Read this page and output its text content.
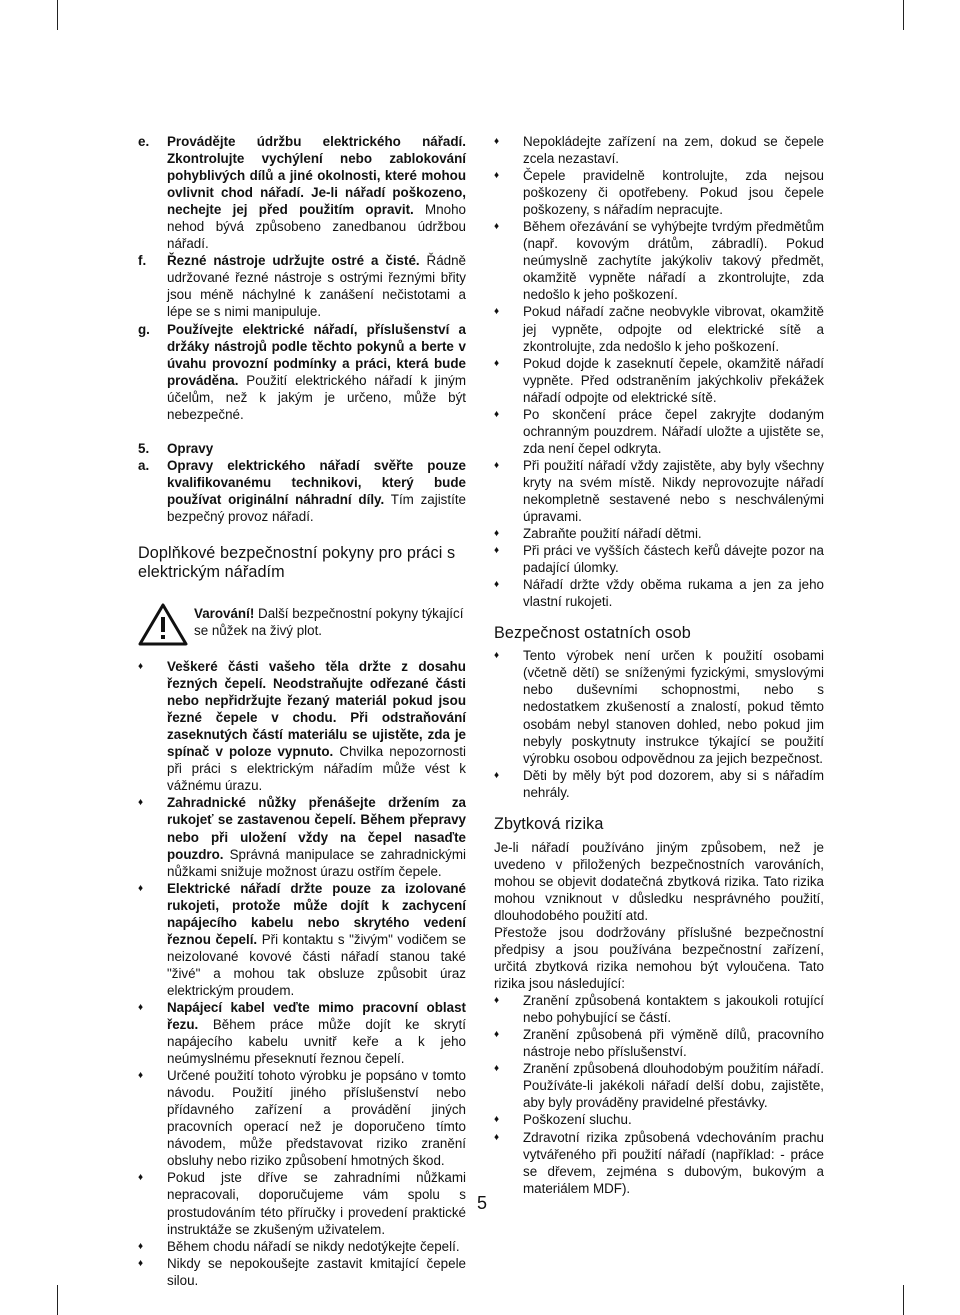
e. Provádějte údržbu elektrického nářadí. Zkontrolujte vychýlení nebo zablokování pohyblivých dílů a jiné okolnosti, které mohou ovlivnit chod nářadí. Je-li nářadí poškozeno, nechejte jej před použitím opravit. Mnoho nehod bývá způsobeno zanedbanou údržbou nářadí.
f. Řezné nástroje udržujte ostré a čisté. Řádně udržované řezné nástroje s ostrými řeznými břity jsou méně náchylné k zanášení nečistotami a lépe se s nimi manipuluje.
g. Používejte elektrické nářadí, příslušenství a držáky nástrojů podle těchto pokynů a berte v úvahu provozní podmínky a práci, která bude prováděna. Použití elektrického nářadí k jiným účelům, než k jakým je určeno, může být nebezpečné.
5. Opravy
a. Opravy elektrického nářadí svěřte pouze kvalifikovanému technikovi, který bude používat originální náhradní díly. Tím zajistíte bezpečný provoz nářadí.
Doplňkové bezpečnostní pokyny pro práci s elektrickým nářadím
Varování! Další bezpečnostní pokyny týkající se nůžek na živý plot.
♦ Veškeré části vašeho těla držte z dosahu řezných čepelí. Neodstraňujte odřezané části nebo nepřidržujte řezaný materiál pokud jsou řezné čepele v chodu. Při odstraňování zaseknutých částí materiálu se ujistěte, zda je spínač v poloze vypnuto. Chvilka nepozornosti při práci s elektrickým nářadím může vést k vážnému úrazu.
♦ Zahradnické nůžky přenášejte držením za rukojeť se zastavenou čepelí. Během přepravy nebo při uložení vždy na čepel nasaďte pouzdro. Správná manipulace se zahradnickými nůžkami snižuje možnost úrazu ostřím čepele.
♦ Elektrické nářadí držte pouze za izolované rukojeti, protože může dojít k zachycení napájecího kabelu nebo skrytého vedení řeznou čepelí. Při kontaktu s "živým" vodičem se neizolované kovové části nářadí stanou také "živé" a mohou tak obsluze způsobit úraz elektrickým proudem.
♦ Napájecí kabel veďte mimo pracovní oblast řezu. Během práce může dojít ke skrytí napájecího kabelu uvnitř keře a k jeho neúmyslnému přeseknutí řeznou čepelí.
♦ Určené použití tohoto výrobku je popsáno v tomto návodu. Použití jiného příslušenství nebo přídavného zařízení a provádění jiných pracovních operací než je doporučeno tímto návodem, může představovat riziko zranění obsluhy nebo riziko způsobení hmotných škod.
♦ Pokud jste dříve se zahradními nůžkami nepracovali, doporučujeme vám spolu s prostudováním této příručky i provedení praktické instruktáže se zkušeným uživatelem.
♦ Během chodu nářadí se nikdy nedotýkejte čepelí.
♦ Nikdy se nepokoušejte zastavit kmitající čepele silou.
♦ Nepokládejte zařízení na zem, dokud se čepele zcela nezastaví.
♦ Čepele pravidelně kontrolujte, zda nejsou poškozeny či opotřebeny. Pokud jsou čepele poškozeny, s nářadím nepracujte.
♦ Během ořezávání se vyhýbejte tvrdým předmětům (např. kovovým drátům, zábradlí). Pokud neúmyslně zachytíte jakýkoliv takový předmět, okamžitě vypněte nářadí a zkontrolujte, zda nedošlo k jeho poškození.
♦ Pokud nářadí začne neobvykle vibrovat, okamžitě jej vypněte, odpojte od elektrické sítě a zkontrolujte, zda nedošlo k jeho poškození.
♦ Pokud dojde k zaseknutí čepele, okamžitě nářadí vypněte. Před odstraněním jakýchkoliv překážek nářadí odpojte od elektrické sítě.
♦ Po skončení práce čepel zakryjte dodaným ochranným pouzdrem. Nářadí uložte a ujistěte se, zda není čepel odkryta.
♦ Při použití nářadí vždy zajistěte, aby byly všechny kryty na svém místě. Nikdy neprovozujte nářadí nekompletně sestavené nebo s neschválenými úpravami.
♦ Zabraňte použití nářadí dětmi.
♦ Při práci ve vyšších částech keřů dávejte pozor na padající úlomky.
♦ Nářadí držte vždy oběma rukama a jen za jeho vlastní rukojeti.
Bezpečnost ostatních osob
♦ Tento výrobek není určen k použití osobami (včetně dětí) se sníženými fyzickými, smyslovými nebo duševními schopnostmi, nebo s nedostatkem zkušeností a znalostí, pokud těmto osobám nebyl stanoven dohled, nebo pokud jim nebyly poskytnuty instrukce týkající se použití výrobku osobou odpovědnou za jejich bezpečnost.
♦ Děti by měly být pod dozorem, aby si s nářadím nehrály.
Zbytková rizika

Je-li nářadí používáno jiným způsobem, než je uvedeno v přiložených bezpečnostních varováních, mohou se objevit dodatečná zbytková rizika. Tato rizika mohou vzniknout v důsledku nesprávného použití, dlouhodobého použití atd.

Přestože jsou dodržovány příslušné bezpečnostní předpisy a jsou používána bezpečnostní zařízení, určitá zbytková rizika nemohou být vyloučena. Tato rizika jsou následující:

♦ Zranění způsobená kontaktem s jakoukoli rotující nebo pohybující se částí.
♦ Zranění způsobená při výměně dílů, pracovního nástroje nebo příslušenství.
♦ Zranění způsobená dlouhodobým použitím nářadí. Používáte-li jakékoli nářadí delší dobu, zajistěte, aby byly prováděny pravidelné přestávky.
♦ Poškození sluchu.
♦ Zdravotní rizika způsobená vdechováním prachu vytvářeného při použití nářadí (například: - práce se dřevem, zejména s dubovým, bukovým a materiálem MDF).
5
